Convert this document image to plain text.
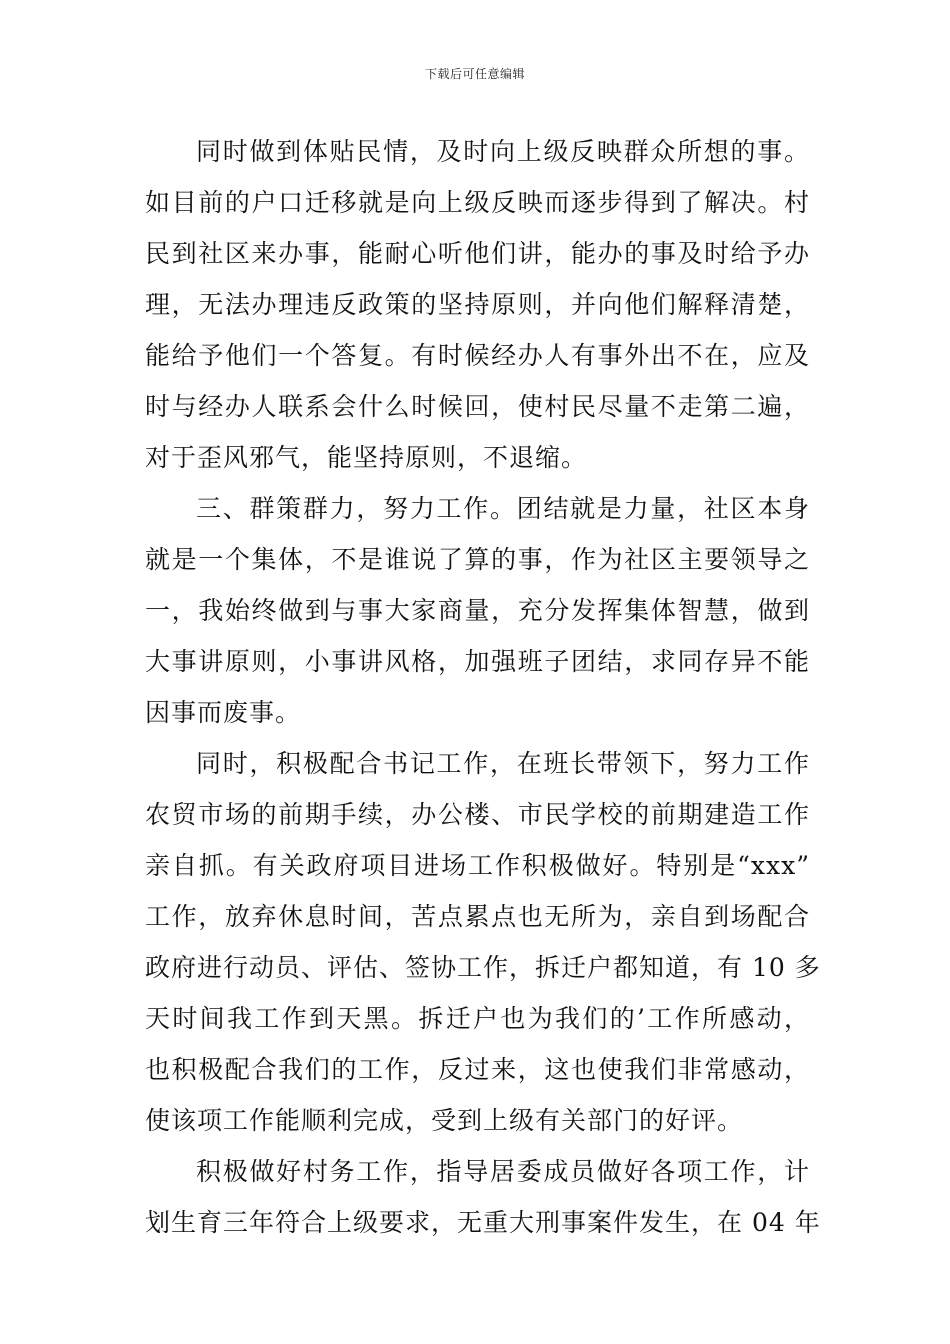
下载后可任意编辑
同时做到体贴民情，及时向上级反映群众所想的事。
如目前的户口迁移就是向上级反映而逐步得到了解决。村
民到社区来办事，能耐心听他们讲，能办的事及时给予办
理，无法办理违反政策的坚持原则，并向他们解释清楚，
能给予他们一个答复。有时候经办人有事外出不在，应及
时与经办人联系会什么时候回，使村民尽量不走第二遍，
对于歪风邪气，能坚持原则，不退缩。
三、群策群力，努力工作。团结就是力量，社区本身
就是一个集体，不是谁说了算的事，作为社区主要领导之
一，我始终做到与事大家商量，充分发挥集体智慧，做到
大事讲原则，小事讲风格，加强班子团结，求同存异不能
因事而废事。
同时，积极配合书记工作，在班长带领下，努力工作
农贸市场的前期手续，办公楼、市民学校的前期建造工作
亲自抓。有关政府项目进场工作积极做好。特别是“xxx”
工作，放弃休息时间，苦点累点也无所为，亲自到场配合
政府进行动员、评估、签协工作，拆迁户都知道，有 10 多
天时间我工作到天黑。拆迁户也为我们的’工作所感动，
也积极配合我们的工作，反过来，这也使我们非常感动，
使该项工作能顺利完成，受到上级有关部门的好评。
积极做好村务工作，指导居委成员做好各项工作，计
划生育三年符合上级要求，无重大刑事案件发生，在 04 年
